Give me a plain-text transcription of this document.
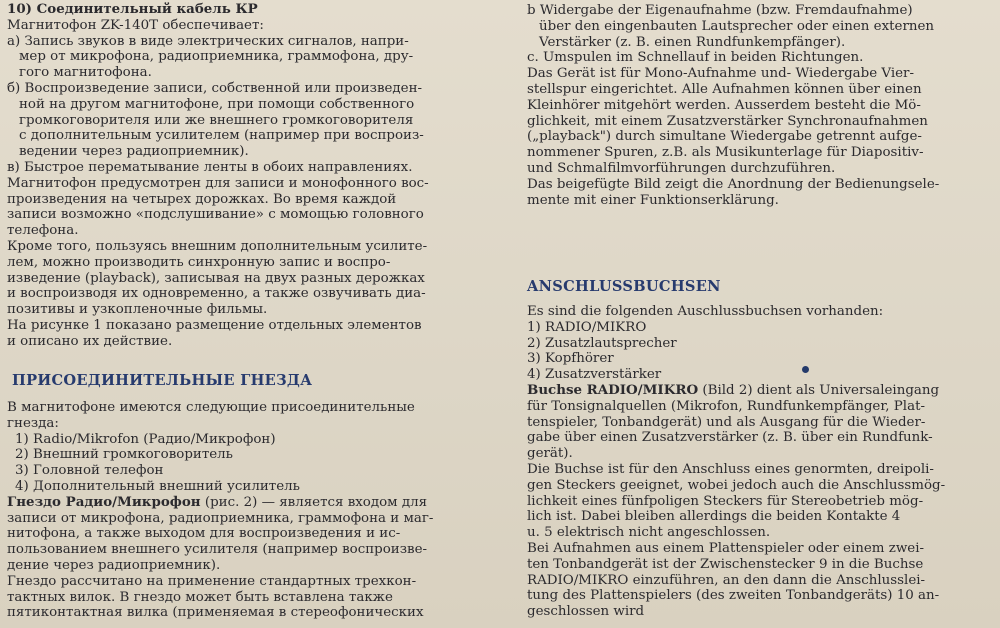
10) Соединительный кабель КР
Магнитофон ZK-140T обеспечивает:
а) Запись звуков в виде электрических сигналов, напри-
мер от микрофона, радиоприемника, граммофона, дру-
гого магнитофона.
б) Воспроизведение записи, собственной или произведен-
ной на другом магнитофоне, при помощи собственного
громкоговорителя или же внешнего громкоговорителя
с дополнительным усилителем (например при воспроиз-
ведении через радиоприемник).
в) Быстрое перематывание ленты в обоих направлениях.
Магнитофон предусмотрен для записи и монофонного вос-
произведения на четырех дорожках. Во время каждой
записи возможно «подслушивание» с момощью головного
телефона.
Кроме того, пользуясь внешним дополнительным усилите-
лем, можно производить синхронную запис и воспро-
изведение (playback), записывая на двух разных дерожках
и воспроизводя их одновременно, а также озвучивать диа-
позитивы и узкопленочные фильмы.
На рисунке 1 показано размещение отдельных элементов
и описано их действие.
ПРИСОЕДИНИТЕЛЬНЫЕ ГНЕЗДА
В магнитофоне имеются следующие присоединительные
гнезда:
1) Radio/Mikrofon (Радио/Микрофон)
2) Внешний громкоговоритель
3) Головной телефон
4) Дополнительный внешний усилитель
Гнездо Радио/Микрофон (рис. 2) — является входом для
записи от микрофона, радиоприемника, граммофона и маг-
нитофона, а также выходом для воспроизведения и ис-
пользованием внешнего усилителя (например воспроизве-
дение через радиоприемник).
Гнездо рассчитано на применение стандартных трехкон-
тактных вилок. В гнездо может быть вставлена также
пятиконтактная вилка (применяемая в стереофонических
b Widergabe der Eigenaufnahme (bzw. Fremdaufnahme)
über den eingenbauten Lautsprecher oder einen externen
Verstärker (z. B. einen Rundfunkempfänger).
c. Umspulen im Schnellauf in beiden Richtungen.
Das Gerät ist für Mono-Aufnahme und- Wiedergabe Vier-
stellspur eingerichtet. Alle Aufnahmen können über einen
Kleinhörer mitgehört werden. Ausserdem besteht die Mö-
glichkeit, mit einem Zusatzverstärker Synchronaufnahmen
(„playback") durch simultane Wiedergabe getrennt aufge-
nommener Spuren, z.B. als Musikunterlage für Diapositiv-
und Schmalfilmvorführungen durchzuführen.
Das beigefügte Bild zeigt die Anordnung der Bedienungsele-
mente mit einer Funktionserklärung.
ANSCHLUSSBUCHSEN
Es sind die folgenden Auschlussbuchsen vorhanden:
1) RADIO/MIKRO
2) Zusatzlautsprecher
3) Kopfhörer
4) Zusatzverstärker
Buchse RADIO/MIKRO (Bild 2) dient als Universaleingang
für Tonsignalquellen (Mikrofon, Rundfunkempfänger, Plat-
tenspieler, Tonbandgerät) und als Ausgang für die Wieder-
gabe über einen Zusatzverstärker (z. B. über ein Rundfunk-
gerät).
Die Buchse ist für den Anschluss eines genormten, dreipoli-
gen Steckers geeignet, wobei jedoch auch die Anschlussmög-
lichkeit eines fünfpoligen Steckers für Stereobetrieb mög-
lich ist. Dabei bleiben allerdings die beiden Kontakte 4
u. 5 elektrisch nicht angeschlossen.
Bei Aufnahmen aus einem Plattenspieler oder einem zwei-
ten Tonbandgerät ist der Zwischenstecker 9 in die Buchse
RADIO/MIKRO einzuführen, an den dann die Anschlusslei-
tung des Plattenspielers (des zweiten Tonbandgeräts) 10 an-
geschlossen wird
